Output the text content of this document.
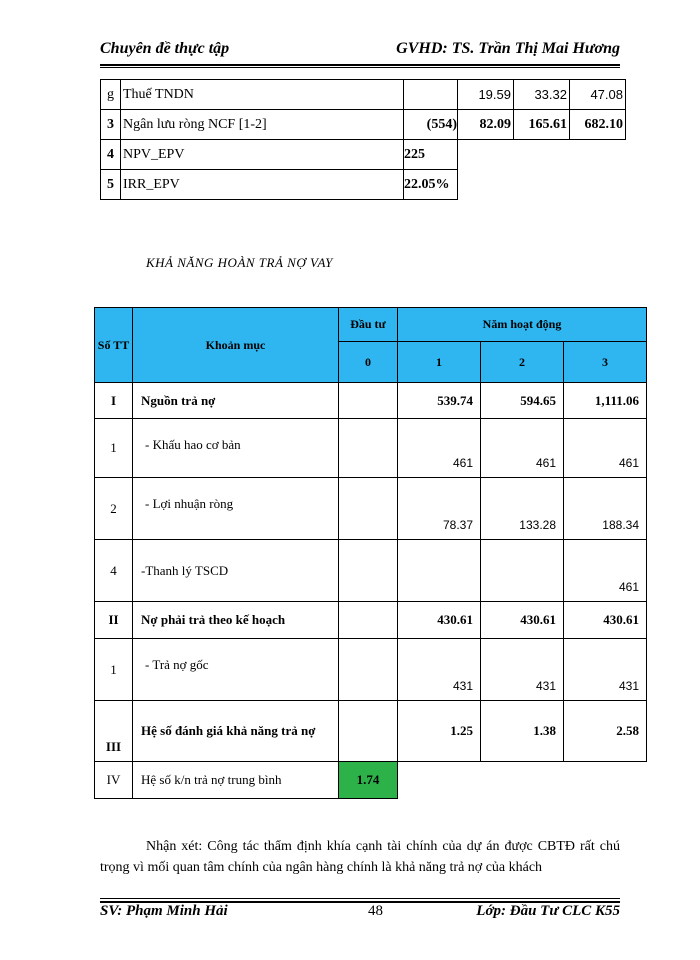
Chuyên đề thực tập	GVHD: TS. Trần Thị Mai Hương
g	Thuế TNDN		19.59	33.32	47.08
3	Ngân lưu ròng NCF [1-2]	(554)	82.09	165.61	682.10
4	NPV_EPV	225			
5	IRR_EPV	22.05%			
KHẢ NĂNG HOÀN TRẢ NỢ VAY
Số TT	Khoản mục	Đầu tư	Năm hoạt động		
		0	1	2	3
I	Nguồn trả nợ		539.74	594.65	1,111.06
1	- Khấu hao cơ bản		461	461	461
2	- Lợi nhuận ròng		78.37	133.28	188.34
4	-Thanh lý TSCD				461
II	Nợ phải trả theo kế hoạch		430.61	430.61	430.61
1	- Trả nợ gốc		431	431	431
III	Hệ số đánh giá khả năng trả nợ		1.25	1.38	2.58
IV	Hệ số k/n trả nợ trung bình	1.74			
Nhận xét: Công tác thẩm định khía cạnh tài chính của dự án được CBTĐ rất chú trọng vì mối quan tâm chính của ngân hàng chính là khả năng trả nợ của khách
SV: Phạm Minh Hải	48	Lớp: Đầu Tư CLC K55
